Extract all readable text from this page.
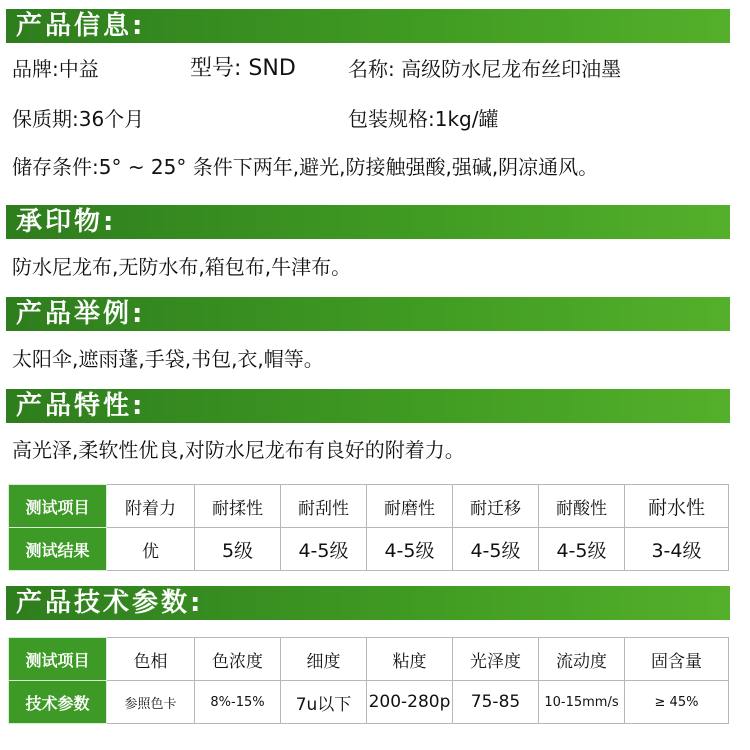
产品信息:
品牌:中益	型号: SND	名称: 高级防水尼龙布丝印油墨
保质期:36个月	包装规格:1kg/罐
储存条件:5° ~ 25° 条件下两年,避光,防接触强酸,强碱,阴凉通风。
承印物:
防水尼龙布,无防水布,箱包布,牛津布。
产品举例:
太阳伞,遮雨蓬,手袋,书包,衣,帽等。
产品特性:
高光泽,柔软性优良,对防水尼龙布有良好的附着力。
测试项目	附着力	耐揉性	耐刮性	耐磨性	耐迁移	耐酸性	耐水性
测试结果	优	5级	4-5级	4-5级	4-5级	4-5级	3-4级
产品技术参数:
测试项目	色相	色浓度	细度	粘度	光泽度	流动度	固含量
技术参数	参照色卡	8%-15%	7u以下	200-280p	75-85	10-15mm/s	≥ 45%
